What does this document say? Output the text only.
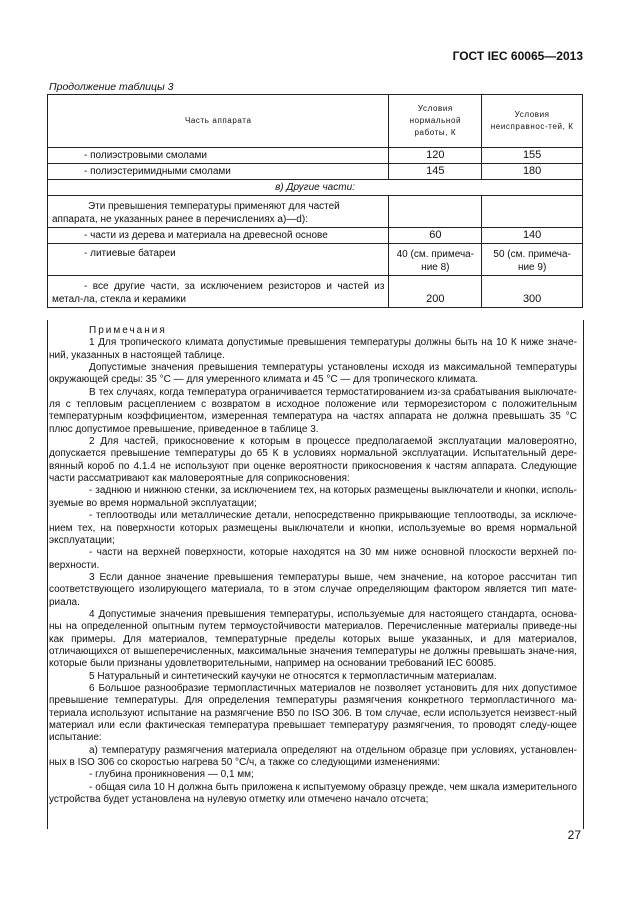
ГОСТ IEC 60065—2013
Продолжение таблицы 3
Часть аппарата	Условия нормальной работы, К	Условия неисправнос-тей, К
- полиэстровыми смолами	120	155
- полиэстеримидными смолами	145	180
в) Другие части:		
Эти превышения температуры применяют для частей аппарата, не указанных ранее в перечислениях а)—d):		
- части из дерева и материала на древесной основе	60	140
- литиевые батареи	40 (см. примеча-ние 8)	50 (см. примеча-ние 9)
- все другие части, за исключением резисторов и частей из метал-ла, стекла и керамики	200	300

Примечания

1 Для тропического климата допустимые превышения температуры должны быть на 10 К ниже значе-ний, указанных в настоящей таблице.

Допустимые значения превышения температуры установлены исходя из максимальной температуры окружающей среды: 35 °С — для умеренного климата и 45 °С — для тропического климата.

В тех случаях, когда температура ограничивается термостатированием из-за срабатывания выключате-ля с тепловым расцеплением с возвратом в исходное положение или терморезистором с положительным температурным коэффициентом, измеренная температура на частях аппарата не должна превышать 35 °С плюс допустимое превышение, приведенное в таблице 3.

2 Для частей, прикосновение к которым в процессе предполагаемой эксплуатации маловероятно, допускается превышение температуры до 65 К в условиях нормальной эксплуатации. Испытательный дере-вянный короб по 4.1.4 не используют при оценке вероятности прикосновения к частям аппарата. Следующие части рассматривают как маловероятные для соприкосновения:

- заднюю и нижнюю стенки, за исключением тех, на которых размещены выключатели и кнопки, исполь-зуемые во время нормальной эксплуатации;

- теплоотводы или металлические детали, непосредственно прикрывающие теплоотводы, за исключе-нием тех, на поверхности которых размещены выключатели и кнопки, используемые во время нормальной эксплуатации;

- части на верхней поверхности, которые находятся на 30 мм ниже основной плоскости верхней по-верхности.

3 Если данное значение превышения температуры выше, чем значение, на которое рассчитан тип соответствующего изолирующего материала, то в этом случае определяющим фактором является тип мате-риала.

4 Допустимые значения превышения температуры, используемые для настоящего стандарта, основа-ны на определенной опытным путем термоустойчивости материалов. Перечисленные материалы приведе-ны как примеры. Для материалов, температурные пределы которых выше указанных, и для материалов, отличающихся от вышеперечисленных, максимальные значения температуры не должны превышать значе-ния, которые были признаны удовлетворительными, например на основании требований IEC 60085.

5 Натуральный и синтетический каучуки не относятся к термопластичным материалам.

6 Большое разнообразие термопластичных материалов не позволяет установить для них допустимое превышение температуры. Для определения температуры размягчения конкретного термопластичного ма-териала используют испытание на размягчение B50 по ISO 306. В том случае, если используется неизвест-ный материал или если фактическая температура превышает температуру размягчения, то проводят следу-ющее испытание:

а) температуру размягчения материала определяют на отдельном образце при условиях, установлен-ных в ISO 306 со скоростью нагрева 50 °С/ч, а также со следующими изменениями:

- глубина проникновения — 0,1 мм;

- общая сила 10 Н должна быть приложена к испытуемому образцу прежде, чем шкала измерительного устройства будет установлена на нулевую отметку или отмечено начало отсчета;

27
